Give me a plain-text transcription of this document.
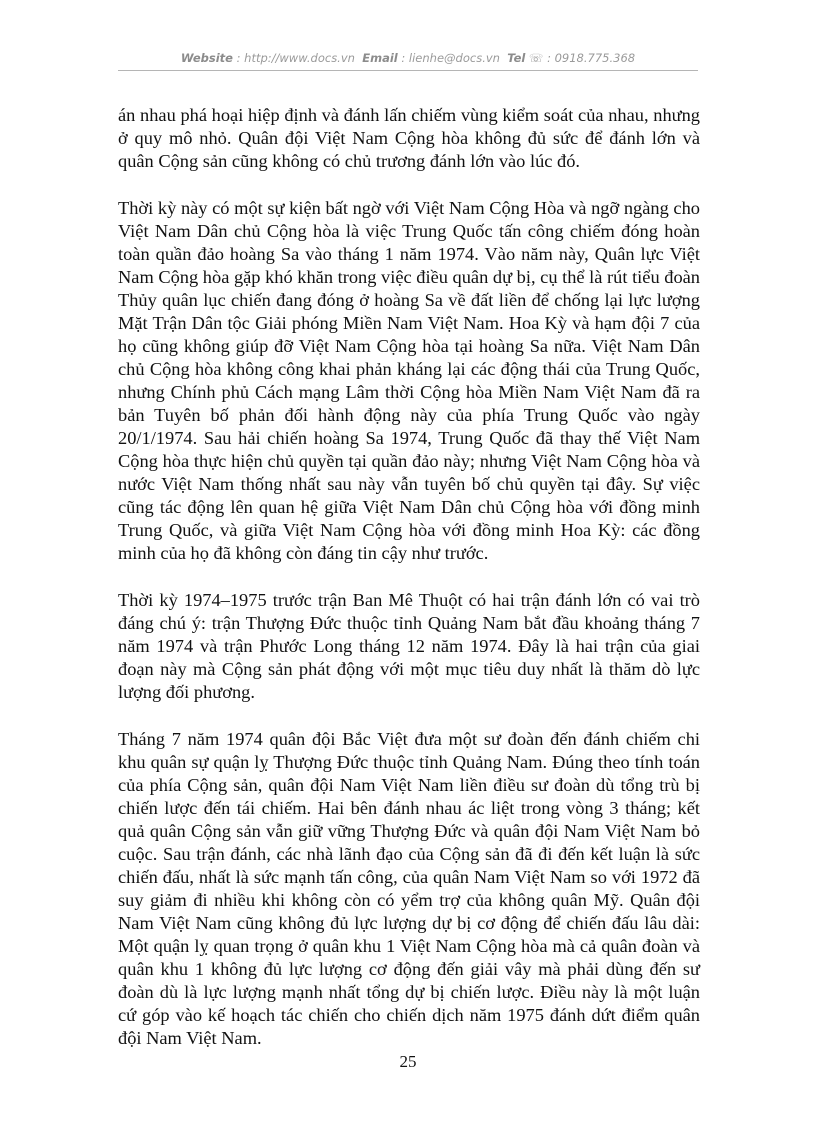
Website : http://www.docs.vn Email : lienhe@docs.vn Tel ☏ : 0918.775.368

án nhau phá hoại hiệp định và đánh lấn chiếm vùng kiểm soát của nhau, nhưng ở quy mô nhỏ. Quân đội Việt Nam Cộng hòa không đủ sức để đánh lớn và quân Cộng sản cũng không có chủ trương đánh lớn vào lúc đó.

Thời kỳ này có một sự kiện bất ngờ với Việt Nam Cộng Hòa và ngỡ ngàng cho Việt Nam Dân chủ Cộng hòa là việc Trung Quốc tấn công chiếm đóng hoàn toàn quần đảo hoàng Sa vào tháng 1 năm 1974. Vào năm này, Quân lực Việt Nam Cộng hòa gặp khó khăn trong việc điều quân dự bị, cụ thể là rút tiểu đoàn Thủy quân lục chiến đang đóng ở hoàng Sa về đất liền để chống lại lực lượng Mặt Trận Dân tộc Giải phóng Miền Nam Việt Nam. Hoa Kỳ và hạm đội 7 của họ cũng không giúp đỡ Việt Nam Cộng hòa tại hoàng Sa nữa. Việt Nam Dân chủ Cộng hòa không công khai phản kháng lại các động thái của Trung Quốc, nhưng Chính phủ Cách mạng Lâm thời Cộng hòa Miền Nam Việt Nam đã ra bản Tuyên bố phản đối hành động này của phía Trung Quốc vào ngày 20/1/1974. Sau hải chiến hoàng Sa 1974, Trung Quốc đã thay thế Việt Nam Cộng hòa thực hiện chủ quyền tại quần đảo này; nhưng Việt Nam Cộng hòa và nước Việt Nam thống nhất sau này vẫn tuyên bố chủ quyền tại đây. Sự việc cũng tác động lên quan hệ giữa Việt Nam Dân chủ Cộng hòa với đồng minh Trung Quốc, và giữa Việt Nam Cộng hòa với đồng minh Hoa Kỳ: các đồng minh của họ đã không còn đáng tin cậy như trước.

Thời kỳ 1974–1975 trước trận Ban Mê Thuột có hai trận đánh lớn có vai trò đáng chú ý: trận Thượng Đức thuộc tỉnh Quảng Nam bắt đầu khoảng tháng 7 năm 1974 và trận Phước Long tháng 12 năm 1974. Đây là hai trận của giai đoạn này mà Cộng sản phát động với một mục tiêu duy nhất là thăm dò lực lượng đối phương.

Tháng 7 năm 1974 quân đội Bắc Việt đưa một sư đoàn đến đánh chiếm chi khu quân sự quận lỵ Thượng Đức thuộc tỉnh Quảng Nam. Đúng theo tính toán của phía Cộng sản, quân đội Nam Việt Nam liền điều sư đoàn dù tổng trù bị chiến lược đến tái chiếm. Hai bên đánh nhau ác liệt trong vòng 3 tháng; kết quả quân Cộng sản vẫn giữ vững Thượng Đức và quân đội Nam Việt Nam bỏ cuộc. Sau trận đánh, các nhà lãnh đạo của Cộng sản đã đi đến kết luận là sức chiến đấu, nhất là sức mạnh tấn công, của quân Nam Việt Nam so với 1972 đã suy giảm đi nhiều khi không còn có yểm trợ của không quân Mỹ. Quân đội Nam Việt Nam cũng không đủ lực lượng dự bị cơ động để chiến đấu lâu dài: Một quận lỵ quan trọng ở quân khu 1 Việt Nam Cộng hòa mà cả quân đoàn và quân khu 1 không đủ lực lượng cơ động đến giải vây mà phải dùng đến sư đoàn dù là lực lượng mạnh nhất tổng dự bị chiến lược. Điều này là một luận cứ góp vào kế hoạch tác chiến cho chiến dịch năm 1975 đánh dứt điểm quân đội Nam Việt Nam.

25
